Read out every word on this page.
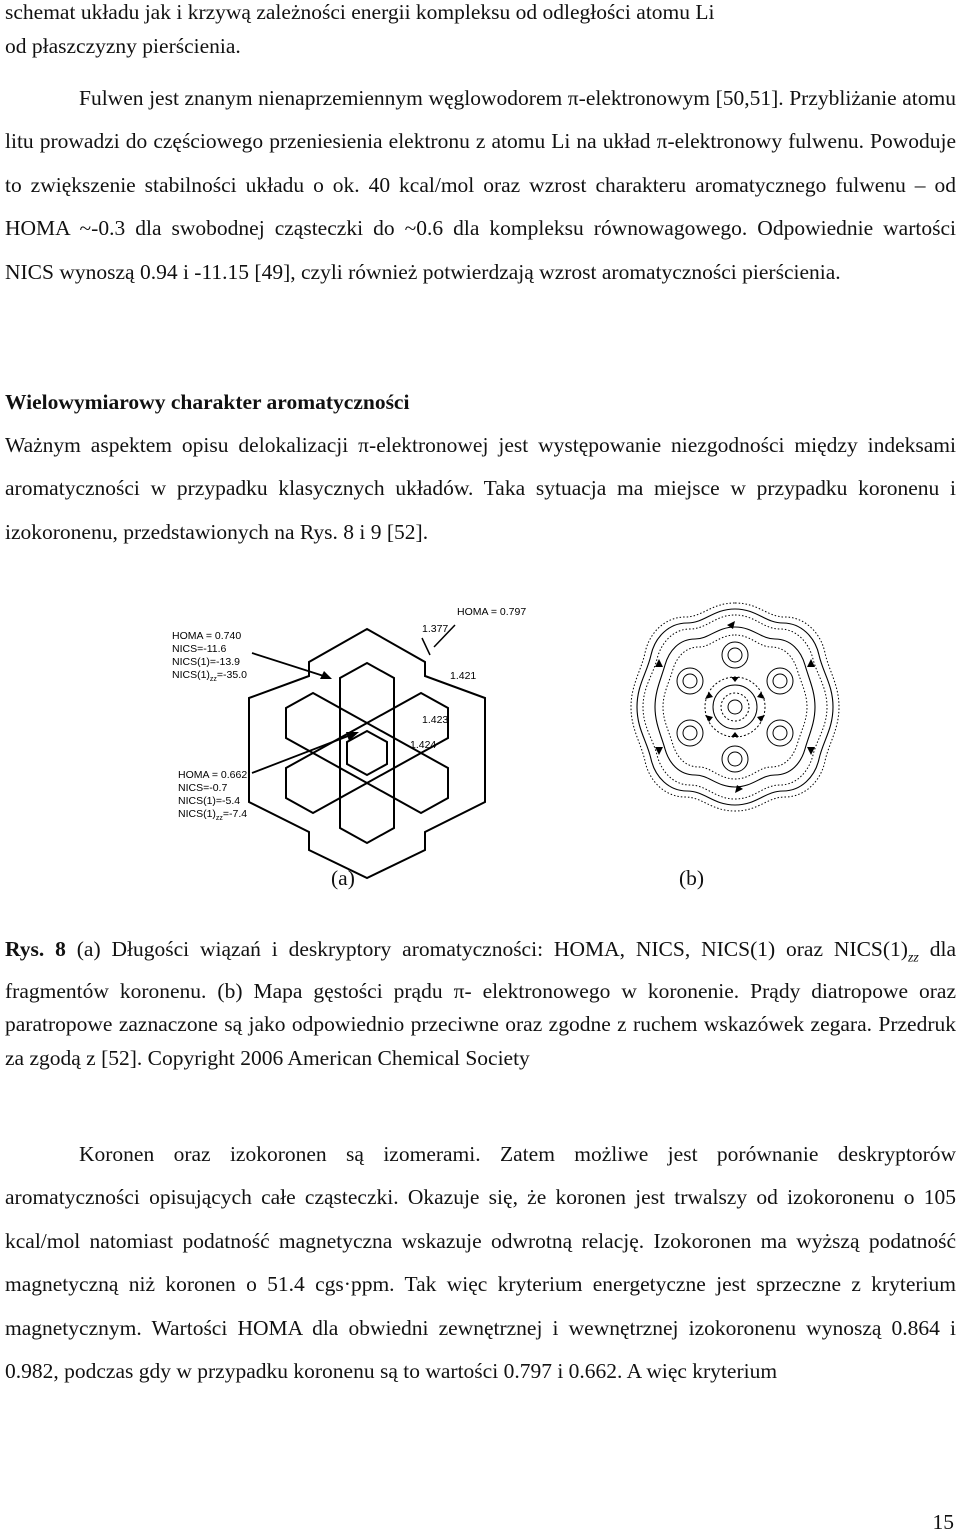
schemat układu jak i krzywą zależności energii kompleksu od odległości atomu Li

od płaszczyzny pierścienia.

Fulwen jest znanym nienaprzemiennym węglowodorem π-elektronowym [50,51]. Przybliżanie atomu litu prowadzi do częściowego przeniesienia elektronu z atomu Li na układ π-elektronowy fulwenu. Powoduje to zwiększenie stabilności układu o ok. 40 kcal/mol oraz wzrost charakteru aromatycznego fulwenu – od HOMA ~-0.3 dla swobodnej cząsteczki do ~0.6 dla kompleksu równowagowego. Odpowiednie wartości NICS wynoszą 0.94 i -11.15 [49], czyli również potwierdzają wzrost aromatyczności pierścienia.

Wielowymiarowy charakter aromatyczności

Ważnym aspektem opisu delokalizacji π-elektronowej jest występowanie niezgodności między indeksami aromatyczności w przypadku klasycznych układów. Taka sytuacja ma miejsce w przypadku koronenu i izokoronenu, przedstawionych na Rys. 8 i 9 [52].

HOMA = 0.740
NICS=-11.6
NICS(1)=-13.9
$NICS(1)_{zz}=-35.0$
HOMA = 0.662
NICS=-0.7
NICS(1)=-5.4
$NICS(1)_{zz}=-7.4$
HOMA = 0.797
1.377
1.421
1.423
1.424
(a)	(b)

Rys. 8 (a) Długości wiązań i deskryptory aromatyczności: HOMA, NICS, NICS(1) oraz $NICS(1)_{zz}$ dla fragmentów koronenu. (b) Mapa gęstości prądu π- elektronowego w koronenie. Prądy diatropowe oraz paratropowe zaznaczone są jako odpowiednio przeciwne oraz zgodne z ruchem wskazówek zegara. Przedruk za zgodą z [52]. Copyright 2006 American Chemical Society

Koronen oraz izokoronen są izomerami. Zatem możliwe jest porównanie deskryptorów aromatyczności opisujących całe cząsteczki. Okazuje się, że koronen jest trwalszy od izokoronenu o 105 kcal/mol natomiast podatność magnetyczna wskazuje odwrotną relację. Izokoronen ma wyższą podatność magnetyczną niż koronen o 51.4 cgs·ppm. Tak więc kryterium energetyczne jest sprzeczne z kryterium magnetycznym. Wartości HOMA dla obwiedni zewnętrznej i wewnętrznej izokoronenu wynoszą 0.864 i 0.982, podczas gdy w przypadku koronenu są to wartości 0.797 i 0.662. A więc kryterium

15
